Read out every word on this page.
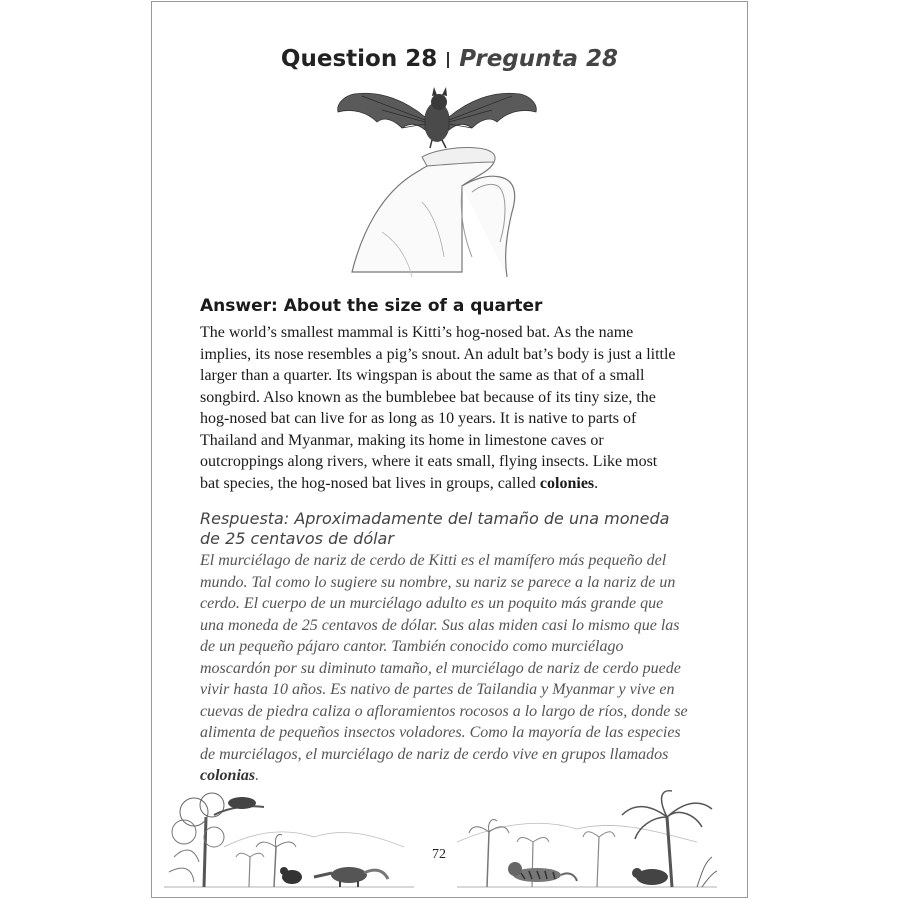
Question 28 Pregunta 28
Answer: About the size of a quarter
The world’s smallest mammal is Kitti’s hog-nosed bat. As the name implies, its nose resembles a pig’s snout. An adult bat’s body is just a little larger than a quarter. Its wingspan is about the same as that of a small songbird. Also known as the bumblebee bat because of its tiny size, the hog-nosed bat can live for as long as 10 years. It is native to parts of Thailand and Myanmar, making its home in limestone caves or outcroppings along rivers, where it eats small, flying insects. Like most bat species, the hog-nosed bat lives in groups, called colonies.
Respuesta: Aproximadamente del tamaño de una moneda de 25 centavos de dólar
El murciélago de nariz de cerdo de Kitti es el mamífero más pequeño del mundo. Tal como lo sugiere su nombre, su nariz se parece a la nariz de un cerdo. El cuerpo de un murciélago adulto es un poquito más grande que una moneda de 25 centavos de dólar. Sus alas miden casi lo mismo que las de un pequeño pájaro cantor. También conocido como murciélago moscardón por su diminuto tamaño, el murciélago de nariz de cerdo puede vivir hasta 10 años. Es nativo de partes de Tailandia y Myanmar y vive en cuevas de piedra caliza o afloramientos rocosos a lo largo de ríos, donde se alimenta de pequeños insectos voladores. Como la mayoría de las especies de murciélagos, el murciélago de nariz de cerdo vive en grupos llamados colonias.
72
